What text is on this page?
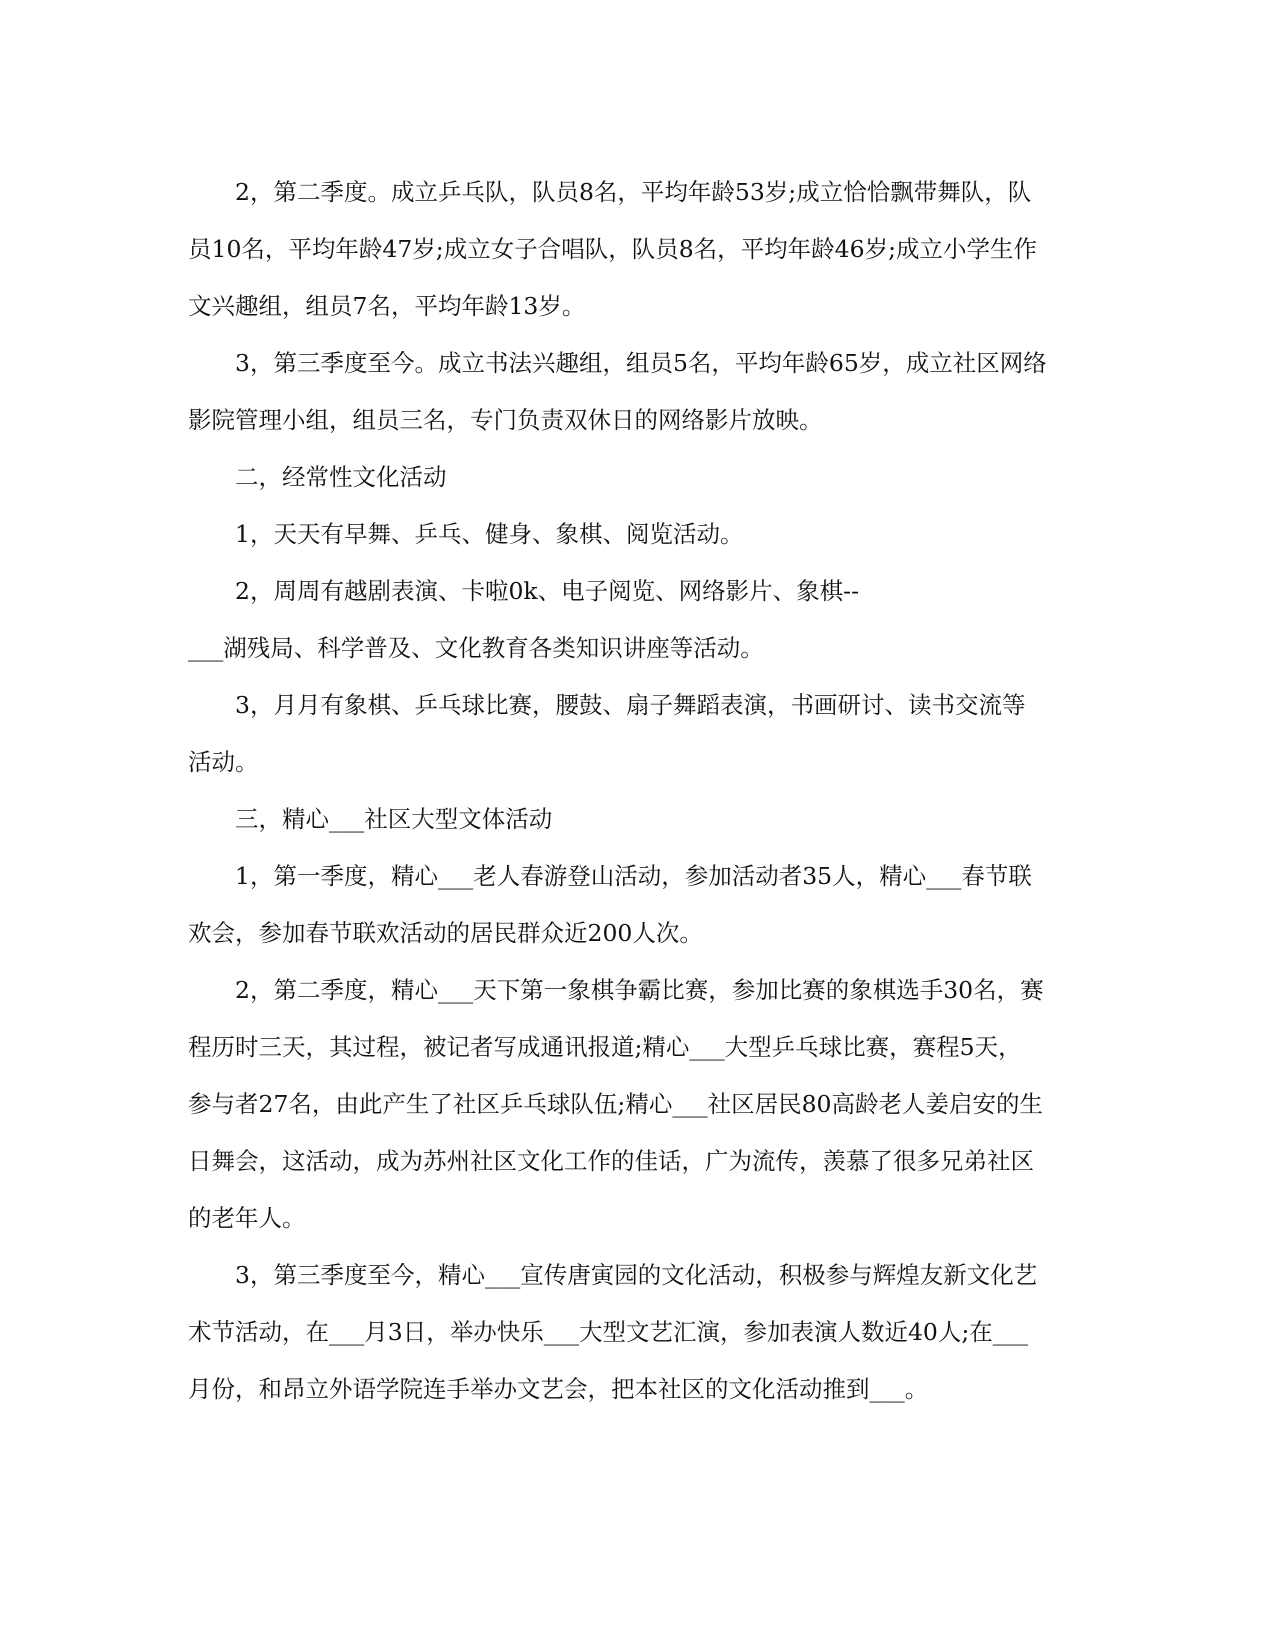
2，第二季度。成立乒乓队，队员8名，平均年龄53岁;成立恰恰飘带舞队，队

员10名，平均年龄47岁;成立女子合唱队，队员8名，平均年龄46岁;成立小学生作

文兴趣组，组员7名，平均年龄13岁。

3，第三季度至今。成立书法兴趣组，组员5名，平均年龄65岁，成立社区网络

影院管理小组，组员三名，专门负责双休日的网络影片放映。

二，经常性文化活动

1，天天有早舞、乒乓、健身、象棋、阅览活动。

2，周周有越剧表演、卡啦0k、电子阅览、网络影片、象棋--

___湖残局、科学普及、文化教育各类知识讲座等活动。

3，月月有象棋、乒乓球比赛，腰鼓、扇子舞蹈表演，书画研讨、读书交流等

活动。

三，精心___社区大型文体活动

1，第一季度，精心___老人春游登山活动，参加活动者35人，精心___春节联

欢会，参加春节联欢活动的居民群众近200人次。

2，第二季度，精心___天下第一象棋争霸比赛，参加比赛的象棋选手30名，赛

程历时三天，其过程，被记者写成通讯报道;精心___大型乒乓球比赛，赛程5天，

参与者27名，由此产生了社区乒乓球队伍;精心___社区居民80高龄老人姜启安的生

日舞会，这活动，成为苏州社区文化工作的佳话，广为流传，羡慕了很多兄弟社区

的老年人。

3，第三季度至今，精心___宣传唐寅园的文化活动，积极参与辉煌友新文化艺

术节活动，在___月3日，举办快乐___大型文艺汇演，参加表演人数近40人;在___

月份，和昂立外语学院连手举办文艺会，把本社区的文化活动推到___。
